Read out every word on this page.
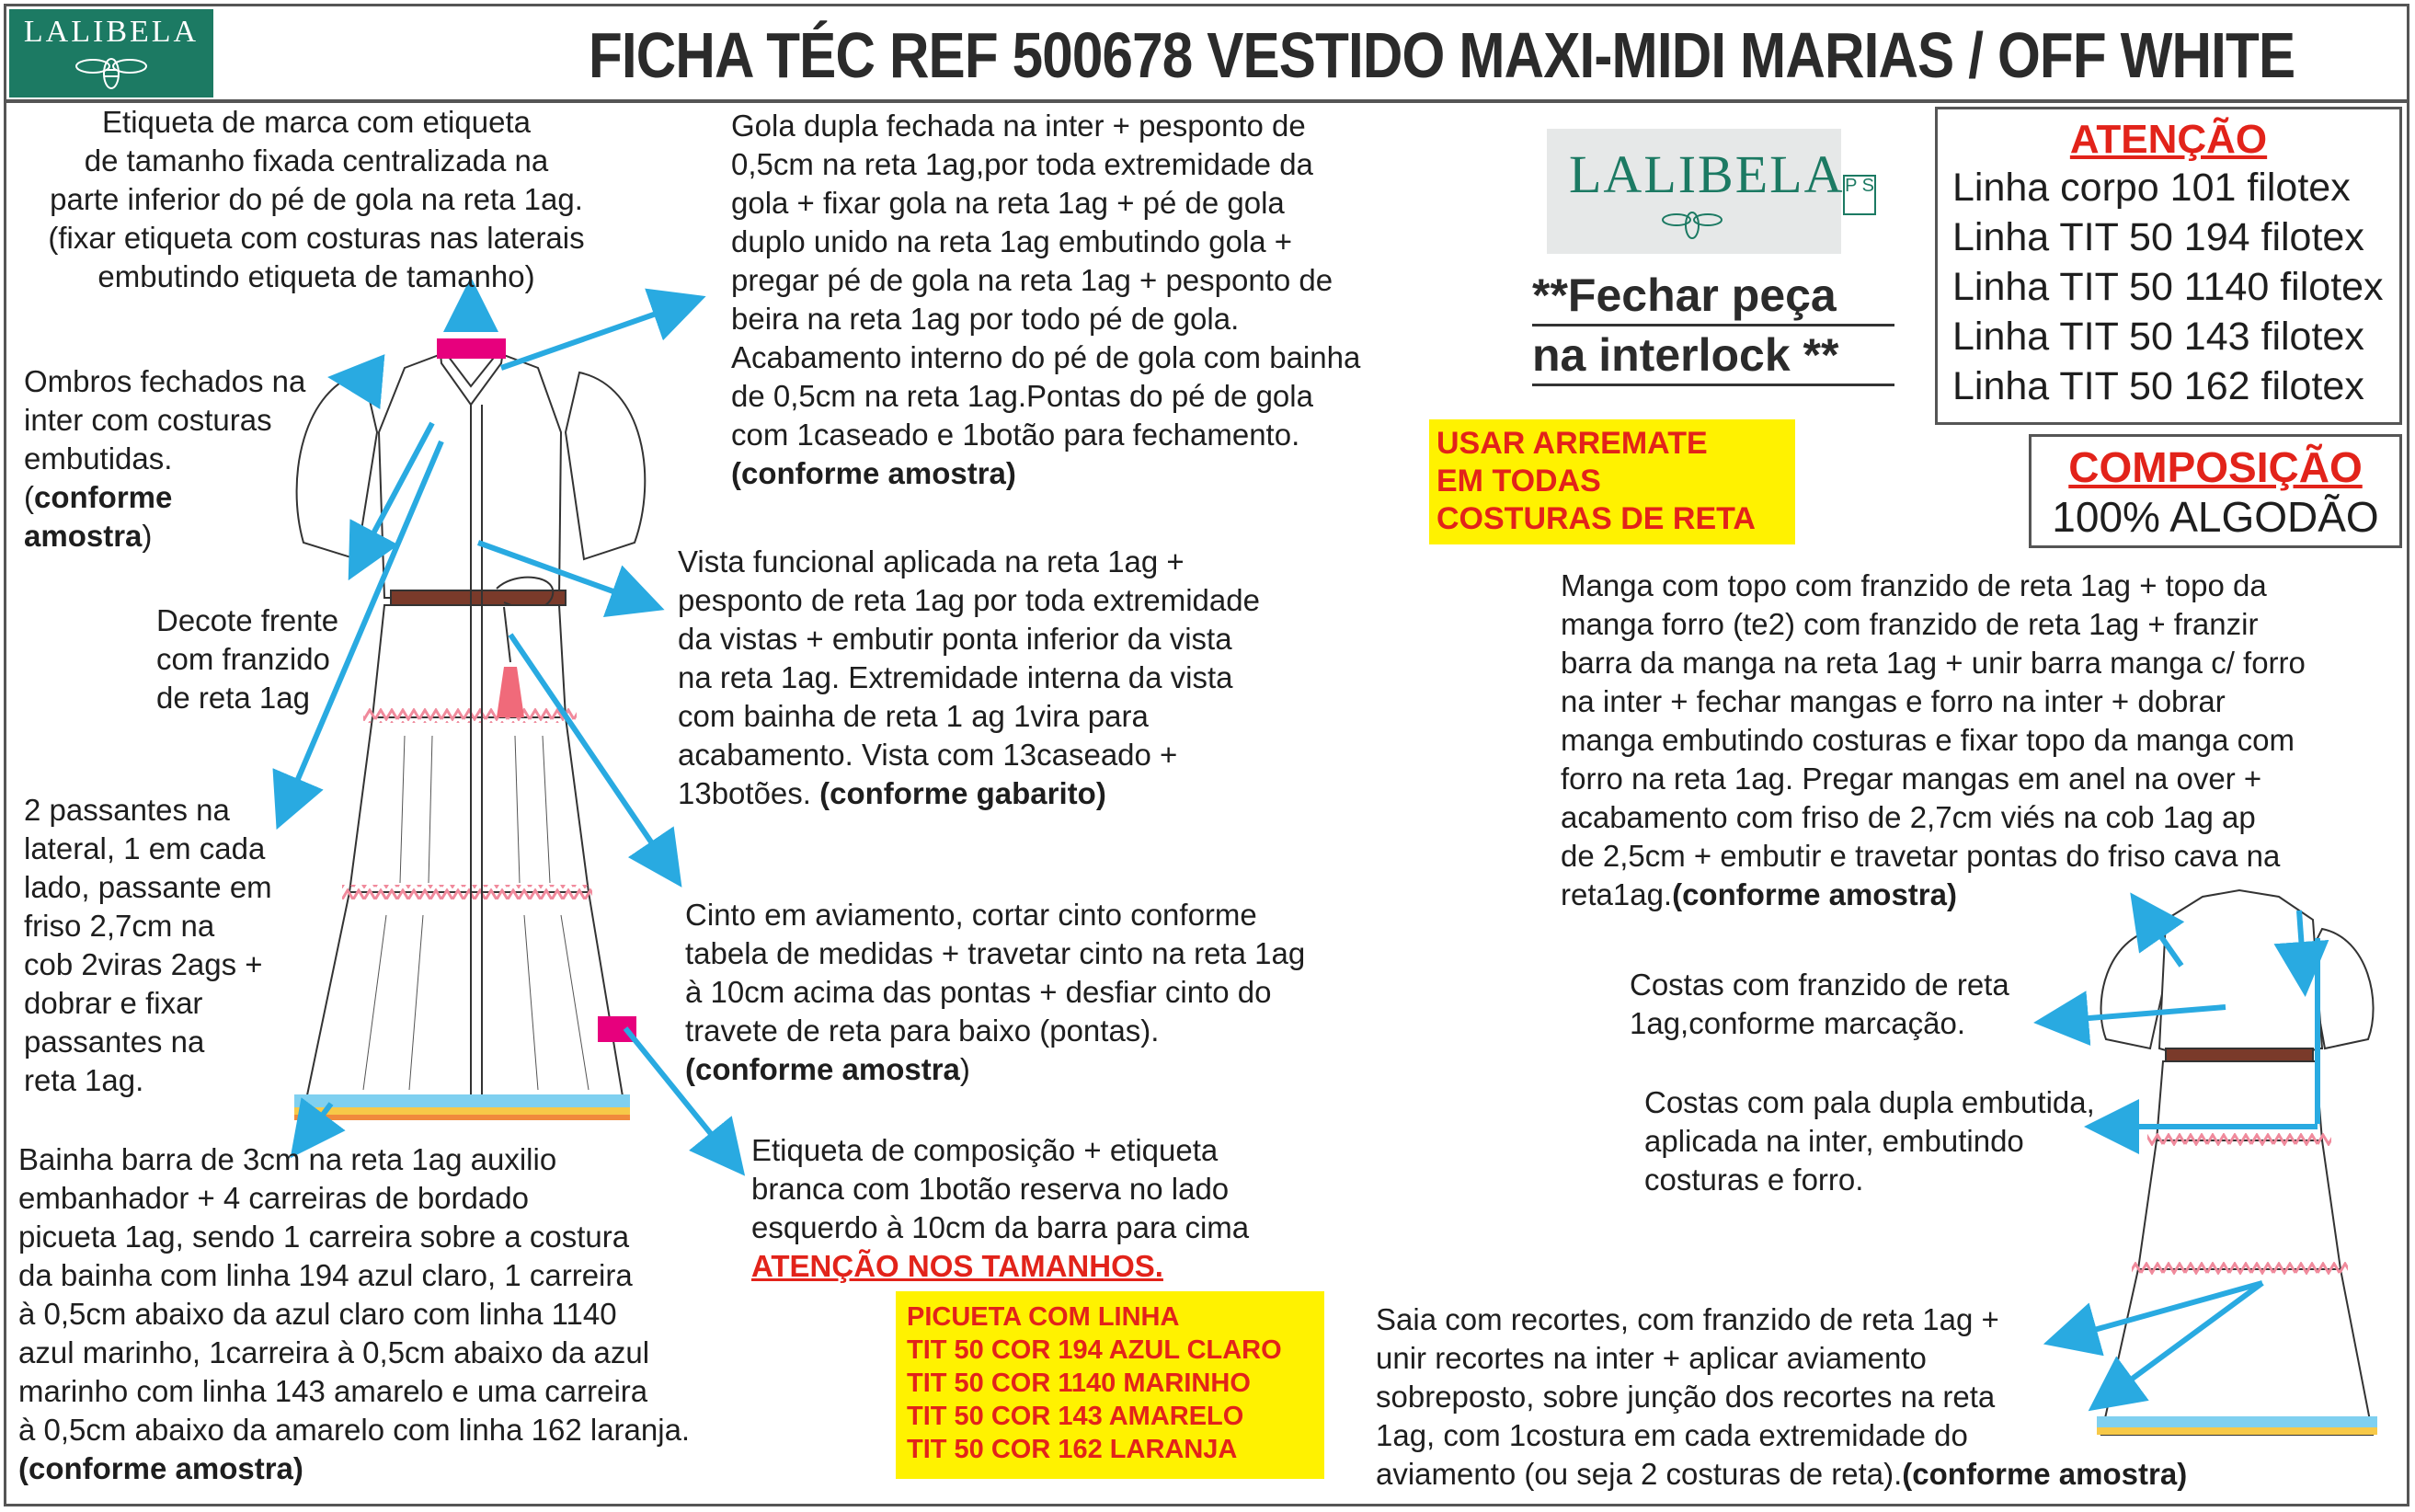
LALIBELA	FICHA TÉC REF 500678 VESTIDO MAXI-MIDI MARIAS / OFF WHITE
Etiqueta de marca com etiqueta
de tamanho fixada centralizada na
parte inferior do pé de gola na reta 1ag.
(fixar etiqueta com costuras nas laterais
embutindo etiqueta de tamanho)
Ombros fechados na
inter com costuras
embutidas.
(conforme
amostra)
Decote frente
com franzido
de reta 1ag
2 passantes na
lateral, 1 em cada
lado, passante em
friso 2,7cm na
cob 2viras 2ags +
dobrar e fixar
passantes na
reta 1ag.
Bainha barra de 3cm na reta 1ag auxilio
embanhador + 4 carreiras de bordado
picueta 1ag, sendo 1 carreira sobre a costura
da bainha com linha 194 azul claro, 1 carreira
à 0,5cm abaixo da azul claro com linha 1140
azul marinho, 1carreira à 0,5cm abaixo da azul
marinho com linha 143 amarelo e uma carreira
à 0,5cm abaixo da amarelo com linha 162 laranja.
(conforme amostra)
Gola dupla fechada na inter + pesponto de
0,5cm na reta 1ag,por toda extremidade da
gola + fixar gola na reta 1ag + pé de gola
duplo unido na reta 1ag embutindo gola +
pregar pé de gola na reta 1ag + pesponto de
beira na reta 1ag por todo pé de gola.
Acabamento interno do pé de gola com bainha
de 0,5cm na reta 1ag.Pontas do pé de gola
com 1caseado e 1botão para fechamento.
(conforme amostra)
Vista funcional aplicada na reta 1ag +
pesponto de reta 1ag por toda extremidade
da vistas + embutir ponta inferior da vista
na reta 1ag. Extremidade interna da vista
com bainha de reta 1 ag 1vira para
acabamento. Vista com 13caseado +
13botões. (conforme gabarito)
Cinto em aviamento, cortar cinto conforme
tabela de medidas + travetar cinto na reta 1ag
à 10cm acima das pontas + desfiar cinto do
travete de reta para baixo (pontas).
(conforme amostra)
Etiqueta de composição + etiqueta
branca com 1botão reserva no lado
esquerdo à 10cm da barra para cima
ATENÇÃO NOS TAMANHOS.
PICUETA COM LINHA
TIT 50 COR 194 AZUL CLARO
TIT 50 COR 1140 MARINHO
TIT 50 COR 143 AMARELO
TIT 50 COR 162 LARANJA
LALIBELA P S
**Fechar peça
na interlock **
USAR ARREMATE
EM TODAS
COSTURAS DE RETA
ATENÇÃO
Linha corpo 101 filotex
Linha TIT 50 194 filotex
Linha TIT 50 1140 filotex
Linha TIT 50 143 filotex
Linha TIT 50 162 filotex
COMPOSIÇÃO
100% ALGODÃO
Manga com topo com franzido de reta 1ag + topo da
manga forro (te2) com franzido de reta 1ag + franzir
barra da manga na reta 1ag + unir barra manga c/ forro
na inter + fechar mangas e forro na inter + dobrar
manga embutindo costuras e fixar topo da manga com
forro na reta 1ag. Pregar mangas em anel na over +
acabamento com friso de 2,7cm viés na cob 1ag ap
de 2,5cm + embutir e travetar pontas do friso cava na
reta1ag.(conforme amostra)
Costas com franzido de reta
1ag,conforme marcação.
Costas com pala dupla embutida,
aplicada na inter, embutindo
costuras e forro.
Saia com recortes, com franzido de reta 1ag +
unir recortes na inter + aplicar aviamento
sobreposto, sobre junção dos recortes na reta
1ag, com 1costura em cada extremidade do
aviamento (ou seja 2 costuras de reta).(conforme amostra)
